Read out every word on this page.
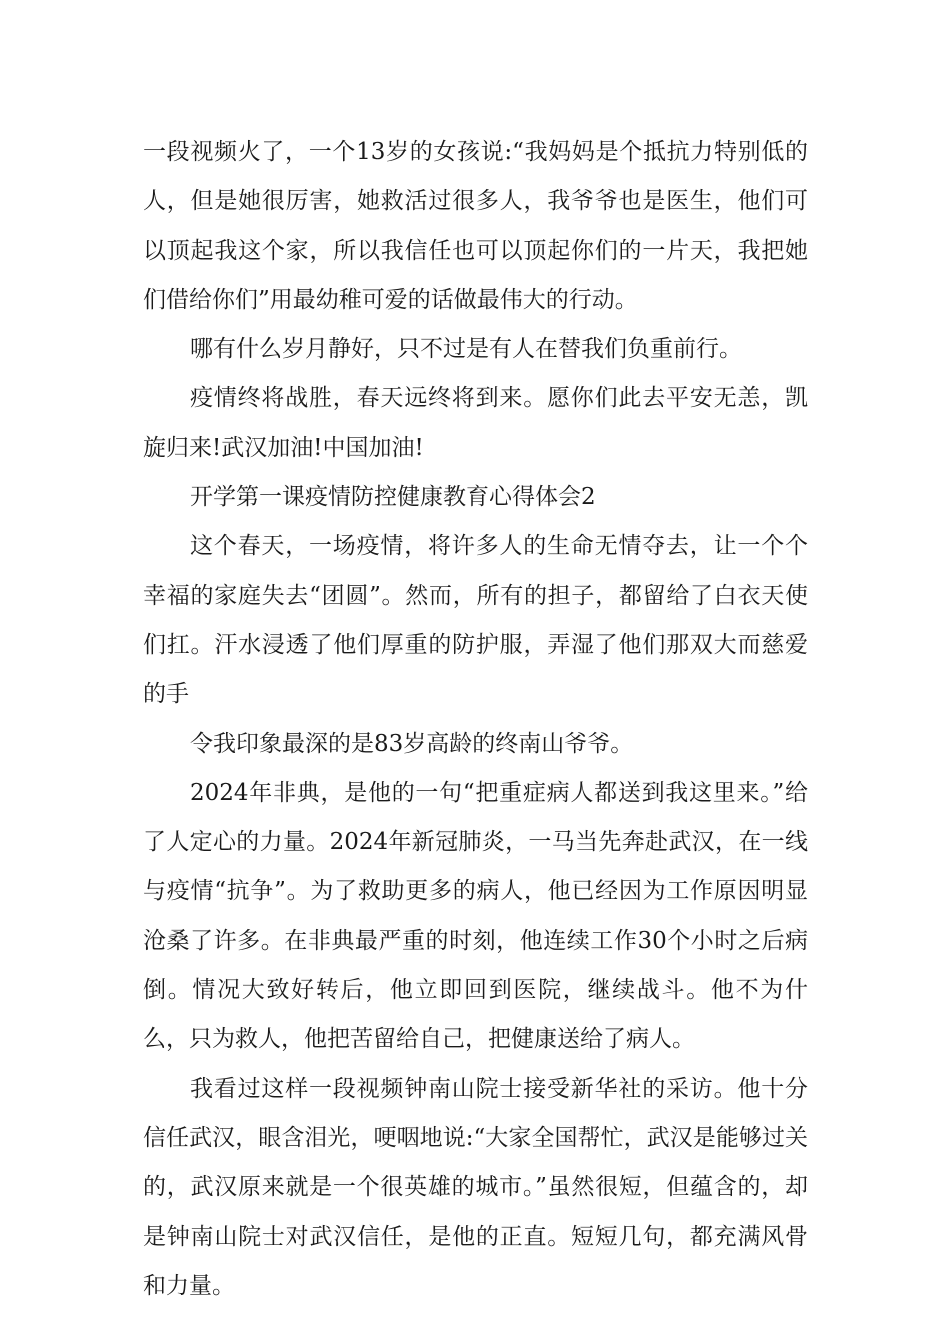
一段视频火了，一个13岁的女孩说:“我妈妈是个抵抗力特别低的人，但是她很厉害，她救活过很多人，我爷爷也是医生，他们可以顶起我这个家，所以我信任也可以顶起你们的一片天，我把她们借给你们”用最幼稚可爱的话做最伟大的行动。

哪有什么岁月静好，只不过是有人在替我们负重前行。

疫情终将战胜，春天远终将到来。愿你们此去平安无恙，凯旋归来!武汉加油!中国加油!

开学第一课疫情防控健康教育心得体会2

这个春天，一场疫情，将许多人的生命无情夺去，让一个个幸福的家庭失去“团圆”。然而，所有的担子，都留给了白衣天使们扛。汗水浸透了他们厚重的防护服，弄湿了他们那双大而慈爱的手

令我印象最深的是83岁高龄的终南山爷爷。

2024年非典，是他的一句“把重症病人都送到我这里来。”给了人定心的力量。2024年新冠肺炎，一马当先奔赴武汉，在一线与疫情“抗争”。为了救助更多的病人，他已经因为工作原因明显沧桑了许多。在非典最严重的时刻，他连续工作30个小时之后病倒。情况大致好转后，他立即回到医院，继续战斗。他不为什么，只为救人，他把苦留给自己，把健康送给了病人。

我看过这样一段视频钟南山院士接受新华社的采访。他十分信任武汉，眼含泪光，哽咽地说:“大家全国帮忙，武汉是能够过关的，武汉原来就是一个很英雄的城市。”虽然很短，但蕴含的，却是钟南山院士对武汉信任，是他的正直。短短几句，都充满风骨和力量。
